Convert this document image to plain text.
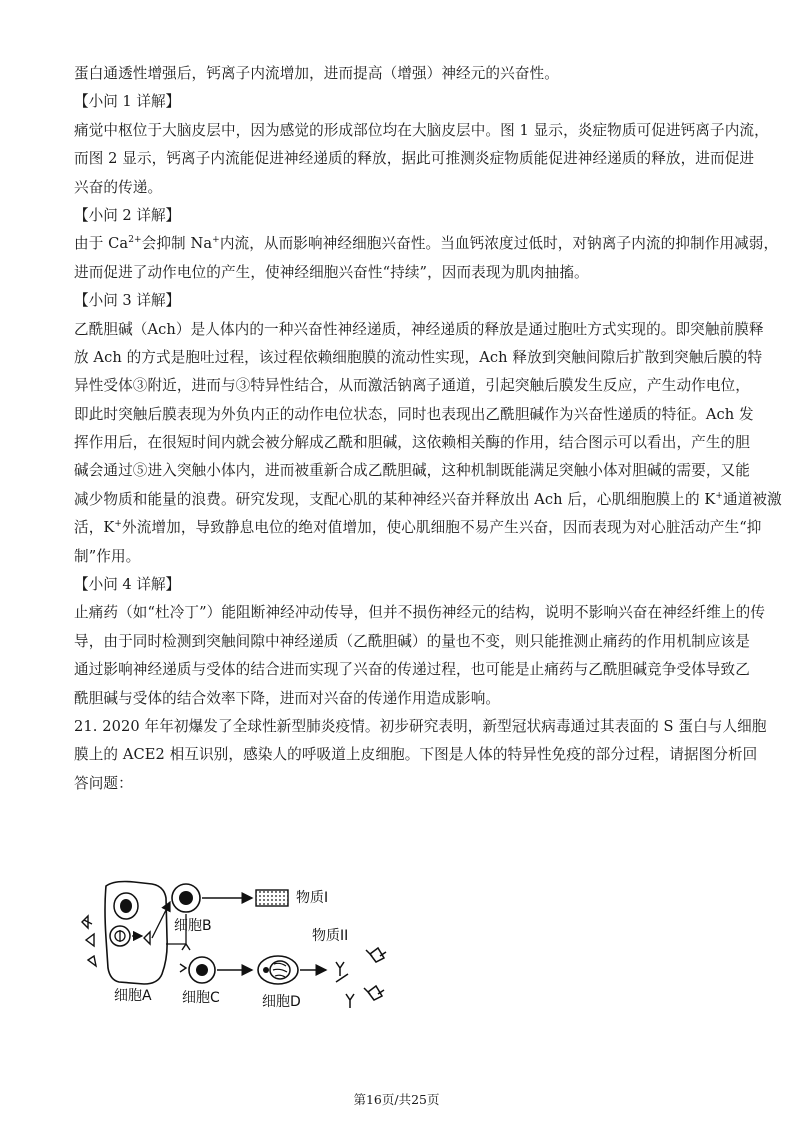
蛋白通透性增强后，钙离子内流增加，进而提高（增强）神经元的兴奋性。
【小问 1 详解】
痛觉中枢位于大脑皮层中，因为感觉的形成部位均在大脑皮层中。图 1 显示，炎症物质可促进钙离子内流，
而图 2 显示，钙离子内流能促进神经递质的释放，据此可推测炎症物质能促进神经递质的释放，进而促进
兴奋的传递。
【小问 2 详解】
由于 $Ca^{2+}$会抑制 Na+内流，从而影响神经细胞兴奋性。当血钙浓度过低时，对钠离子内流的抑制作用减弱，
进而促进了动作电位的产生，使神经细胞兴奋性“持续”，因而表现为肌肉抽搐。
【小问 3 详解】
乙酰胆碱（Ach）是人体内的一种兴奋性神经递质，神经递质的释放是通过胞吐方式实现的。即突触前膜释
放 Ach 的方式是胞吐过程，该过程依赖细胞膜的流动性实现，Ach 释放到突触间隙后扩散到突触后膜的特
异性受体③附近，进而与③特异性结合，从而激活钠离子通道，引起突触后膜发生反应，产生动作电位，
即此时突触后膜表现为外负内正的动作电位状态，同时也表现出乙酰胆碱作为兴奋性递质的特征。Ach 发
挥作用后，在很短时间内就会被分解成乙酰和胆碱，这依赖相关酶的作用，结合图示可以看出，产生的胆
碱会通过⑤进入突触小体内，进而被重新合成乙酰胆碱，这种机制既能满足突触小体对胆碱的需要，又能
减少物质和能量的浪费。研究发现，支配心肌的某种神经兴奋并释放出 Ach 后，心肌细胞膜上的 K+通道被激
活，K+外流增加，导致静息电位的绝对值增加，使心肌细胞不易产生兴奋，因而表现为对心脏活动产生“抑
制”作用。
【小问 4 详解】
止痛药（如“杜冷丁”）能阻断神经冲动传导，但并不损伤神经元的结构，说明不影响兴奋在神经纤维上的传
导，由于同时检测到突触间隙中神经递质（乙酰胆碱）的量也不变，则只能推测止痛药的作用机制应该是
通过影响神经递质与受体的结合进而实现了兴奋的传递过程，也可能是止痛药与乙酰胆碱竞争受体导致乙
酰胆碱与受体的结合效率下降，进而对兴奋的传递作用造成影响。
21. 2020 年年初爆发了全球性新型肺炎疫情。初步研究表明，新型冠状病毒通过其表面的 S 蛋白与人细胞
膜上的 ACE2 相互识别，感染人的呼吸道上皮细胞。下图是人体的特异性免疫的部分过程，请据图分析回
答问题：
细胞B
物质I
细胞C	细胞D
物质II
细胞A
第16页/共25页
